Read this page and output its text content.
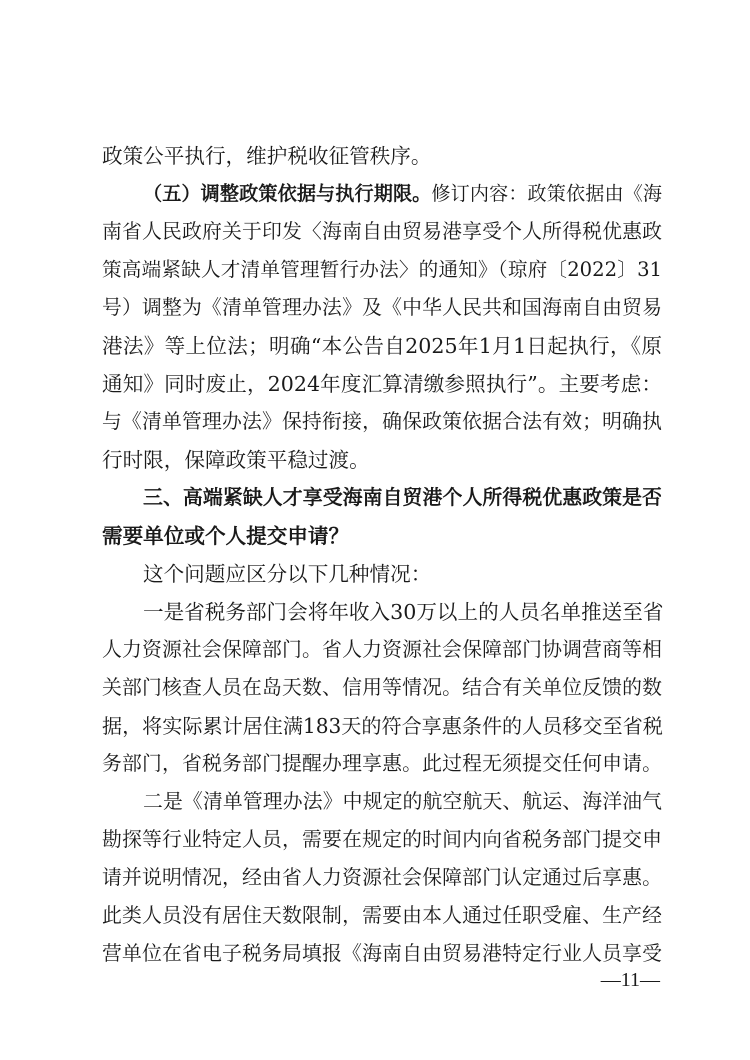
政策公平执行，维护税收征管秩序。
（五）调整政策依据与执行期限。修订内容：政策依据由《海
南省人民政府关于印发〈海南自由贸易港享受个人所得税优惠政
策高端紧缺人才清单管理暂行办法〉的通知》（琼府〔2022〕31
号）调整为《清单管理办法》及《中华人民共和国海南自由贸易
港法》等上位法；明确“本公告自2025年1月1日起执行，《原
通知》同时废止，2024年度汇算清缴参照执行”。主要考虑：
与《清单管理办法》保持衔接，确保政策依据合法有效；明确执
行时限，保障政策平稳过渡。
三、高端紧缺人才享受海南自贸港个人所得税优惠政策是否
需要单位或个人提交申请？
这个问题应区分以下几种情况：
一是省税务部门会将年收入30万以上的人员名单推送至省
人力资源社会保障部门。省人力资源社会保障部门协调营商等相
关部门核查人员在岛天数、信用等情况。结合有关单位反馈的数
据，将实际累计居住满183天的符合享惠条件的人员移交至省税
务部门，省税务部门提醒办理享惠。此过程无须提交任何申请。
二是《清单管理办法》中规定的航空航天、航运、海洋油气
勘探等行业特定人员，需要在规定的时间内向省税务部门提交申
请并说明情况，经由省人力资源社会保障部门认定通过后享惠。
此类人员没有居住天数限制，需要由本人通过任职受雇、生产经
营单位在省电子税务局填报《海南自由贸易港特定行业人员享受
—11—
